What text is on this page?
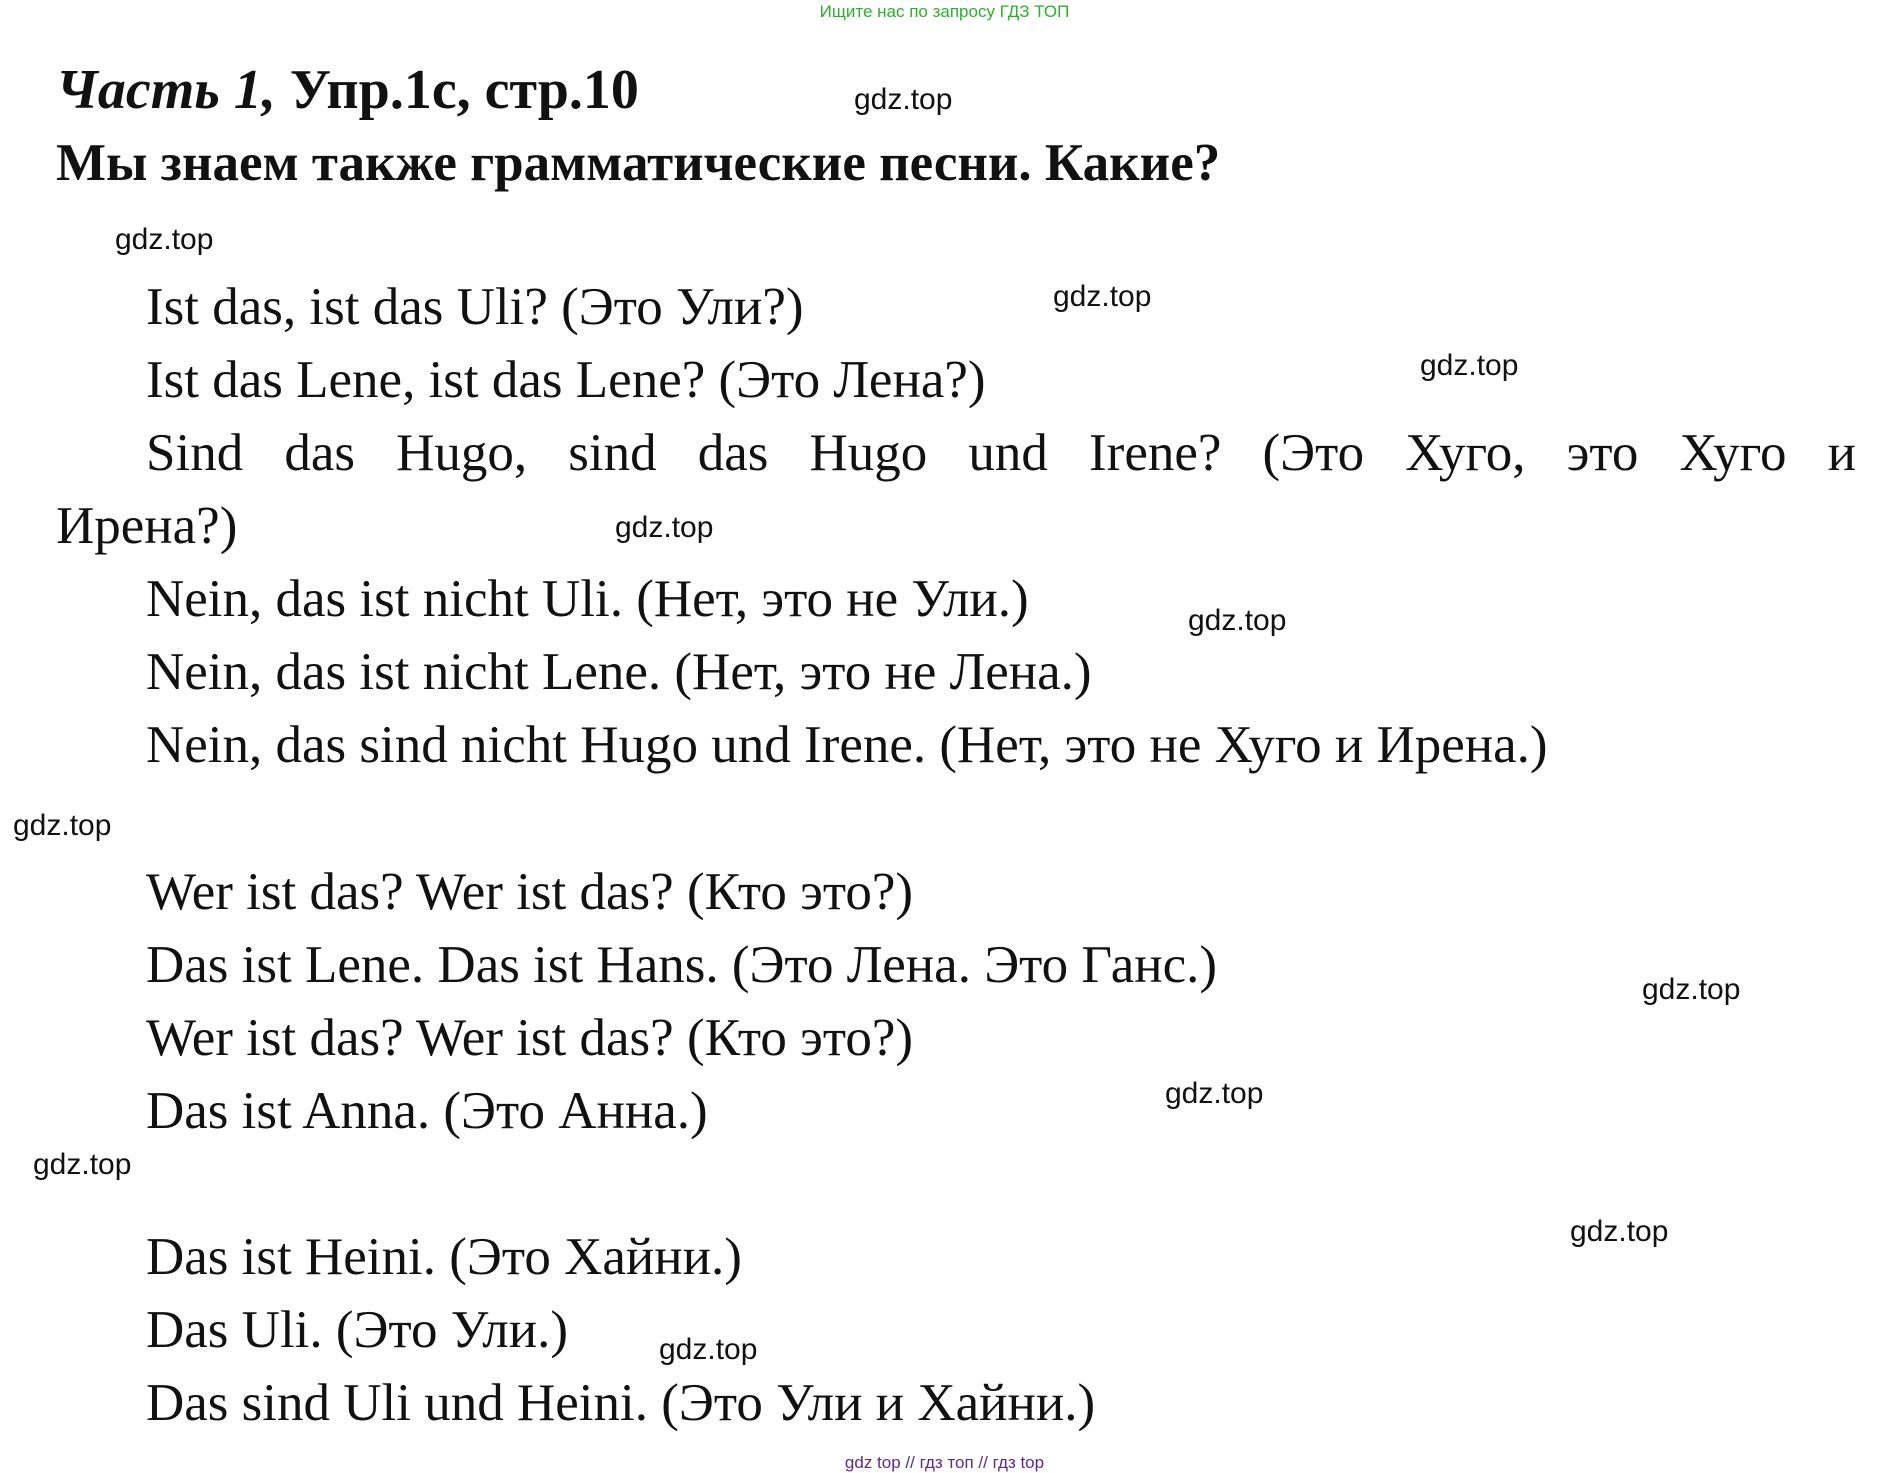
Ищите нас по запросу ГДЗ ТОП
Часть 1, Упр.1с, стр.10
Мы знаем также грамматические песни. Какие?
Ist das, ist das Uli? (Это Ули?)
Ist das Lene, ist das Lene? (Это Лена?)
Sind das Hugo, sind das Hugo und Irene? (Это Хуго, это Хуго и
Ирена?)
Nein, das ist nicht Uli. (Нет, это не Ули.)
Nein, das ist nicht Lene. (Нет, это не Лена.)
Nein, das sind nicht Hugo und Irene. (Нет, это не Хуго и Ирена.)
Wer ist das? Wer ist das? (Кто это?)
Das ist Lene. Das ist Hans. (Это Лена. Это Ганс.)
Wer ist das? Wer ist das? (Кто это?)
Das ist Anna. (Это Анна.)
Das ist Heini. (Это Хайни.)
Das Uli. (Это Ули.)
Das sind Uli und Heini. (Это Ули и Хайни.)
gdz.top
gdz.top
gdz.top
gdz.top
gdz.top
gdz.top
gdz.top
gdz.top
gdz.top
gdz.top
gdz.top
gdz.top
gdz top // гдз топ // гдз top
